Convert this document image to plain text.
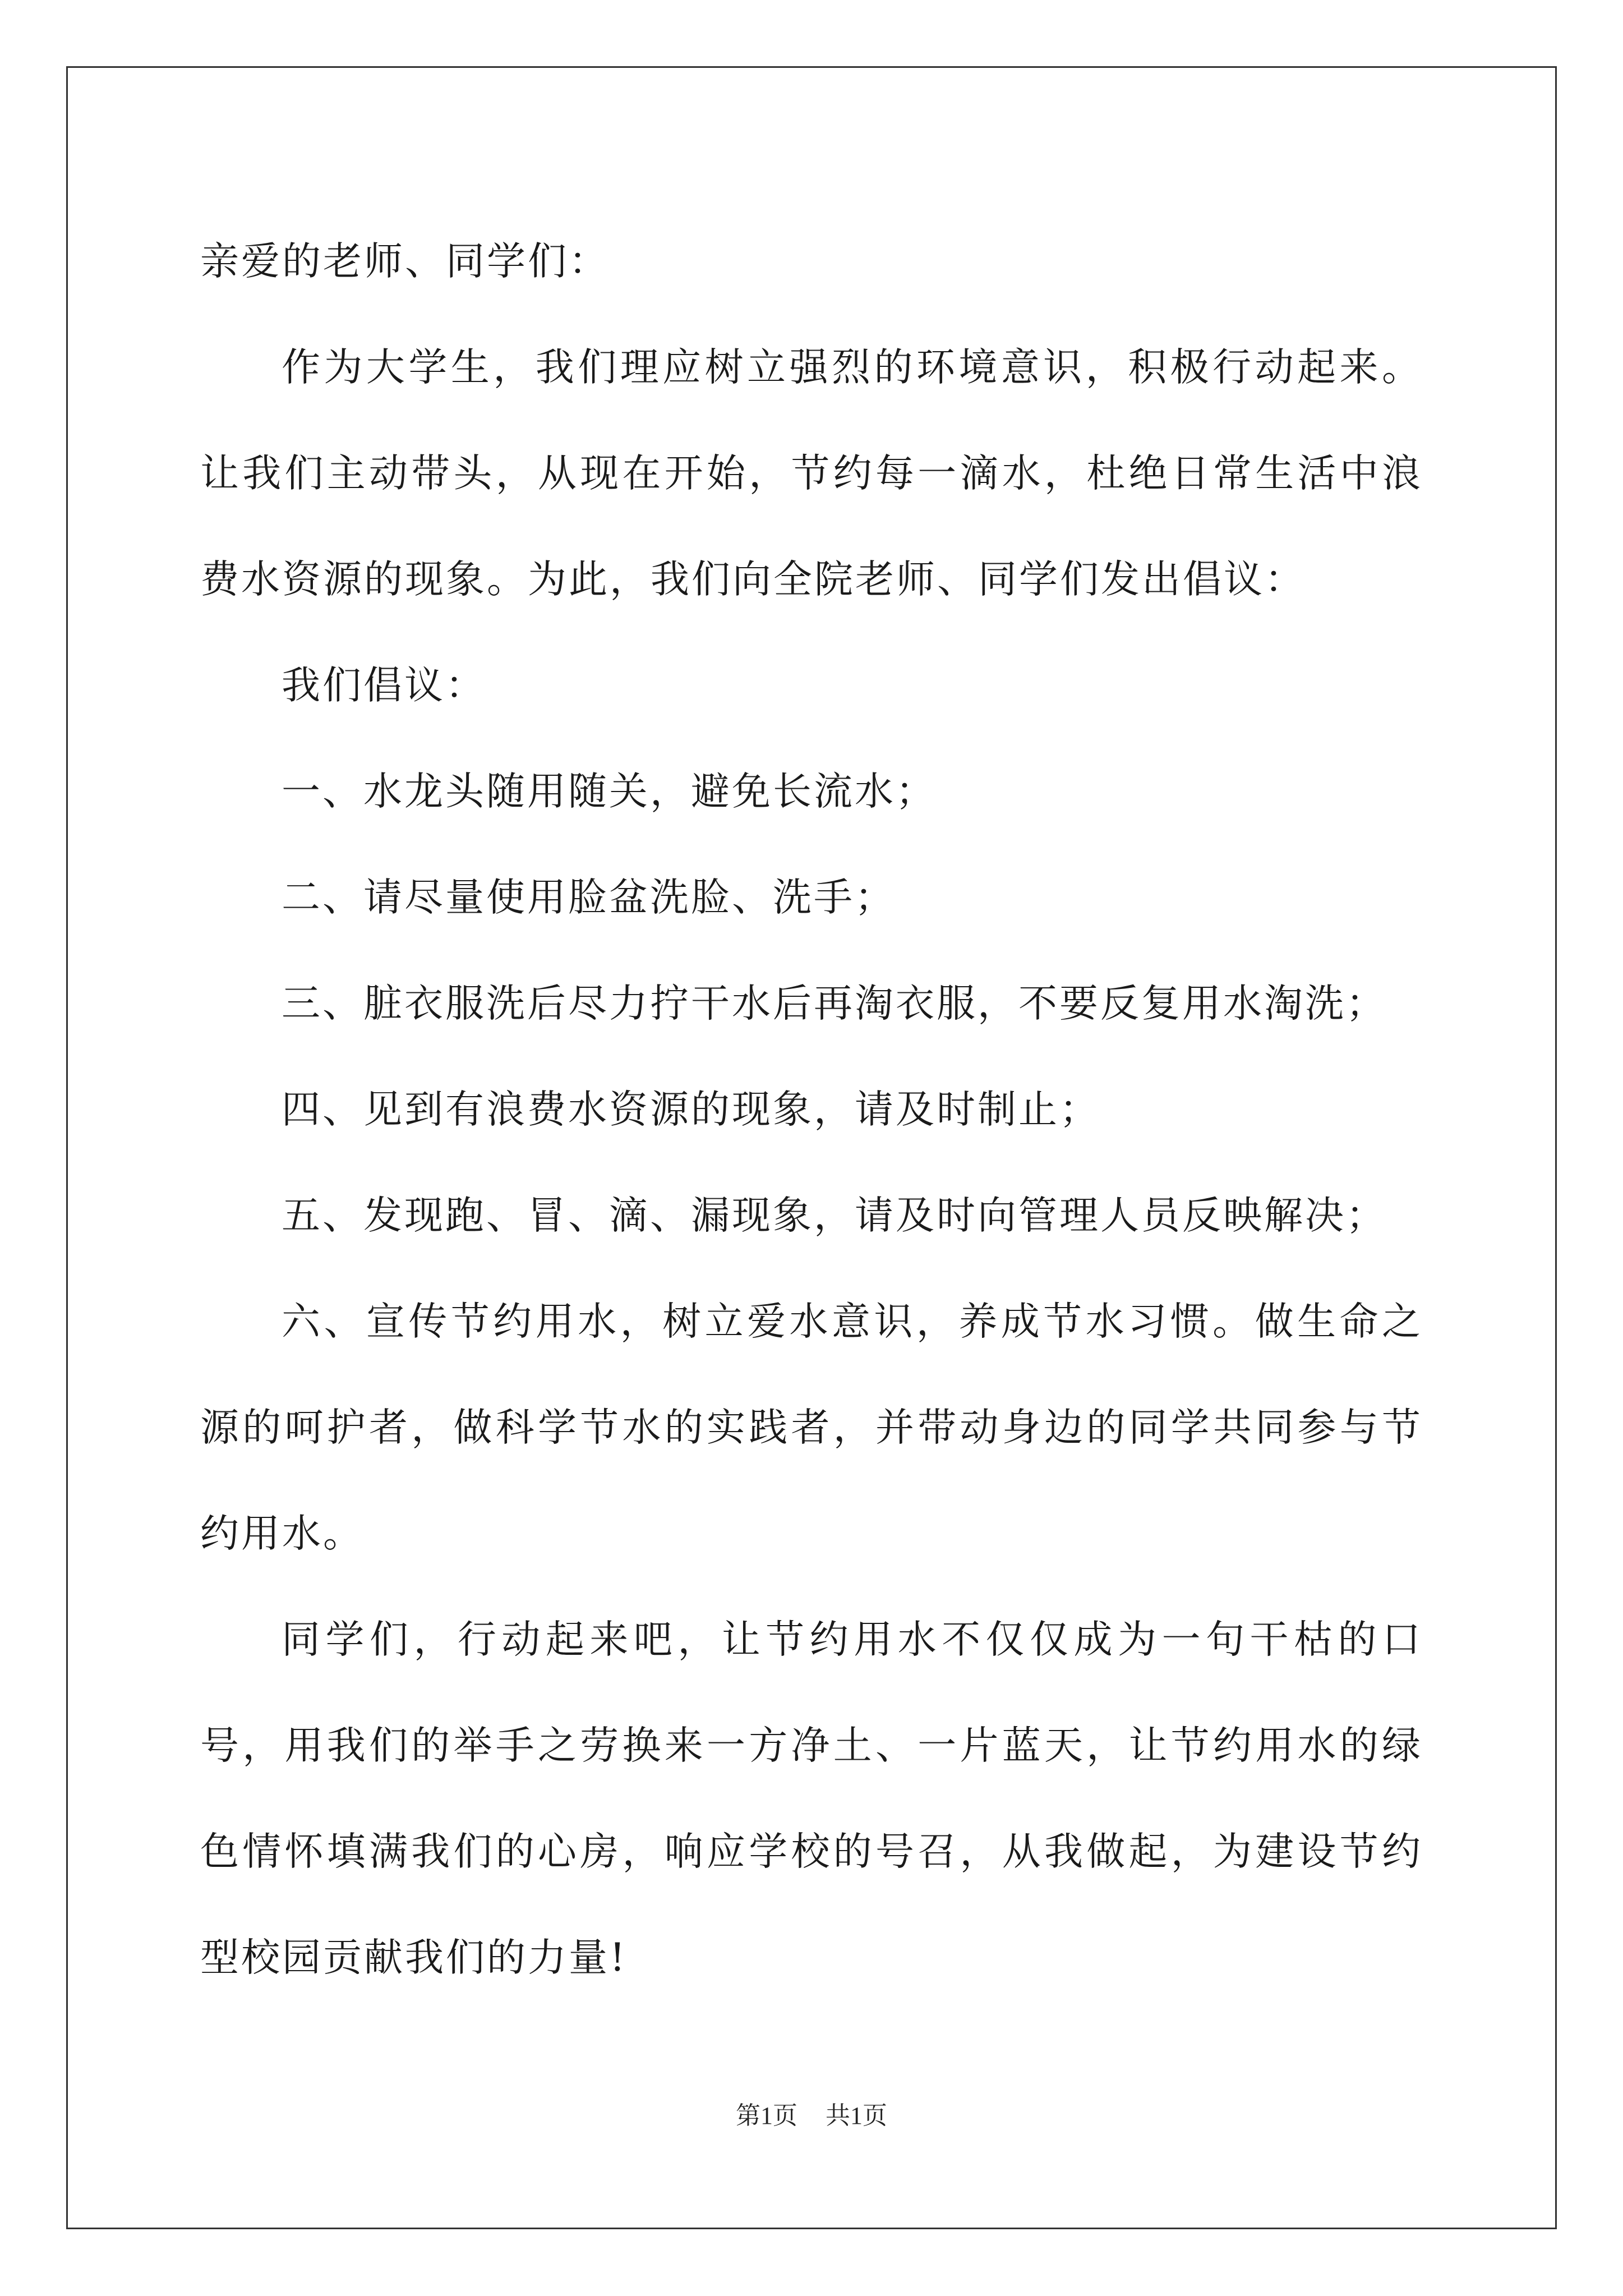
亲爱的老师、同学们：

作为大学生，我们理应树立强烈的环境意识，积极行动起来。让我们主动带头，从现在开始，节约每一滴水，杜绝日常生活中浪费水资源的现象。为此，我们向全院老师、同学们发出倡议：

我们倡议：

一、水龙头随用随关，避免长流水；

二、请尽量使用脸盆洗脸、洗手；

三、脏衣服洗后尽力拧干水后再淘衣服，不要反复用水淘洗；

四、见到有浪费水资源的现象，请及时制止；

五、发现跑、冒、滴、漏现象，请及时向管理人员反映解决；

六、宣传节约用水，树立爱水意识，养成节水习惯。做生命之源的呵护者，做科学节水的实践者，并带动身边的同学共同参与节约用水。

同学们，行动起来吧，让节约用水不仅仅成为一句干枯的口号，用我们的举手之劳换来一方净土、一片蓝天，让节约用水的绿色情怀填满我们的心房，响应学校的号召，从我做起，为建设节约型校园贡献我们的力量!

第1页 共1页
